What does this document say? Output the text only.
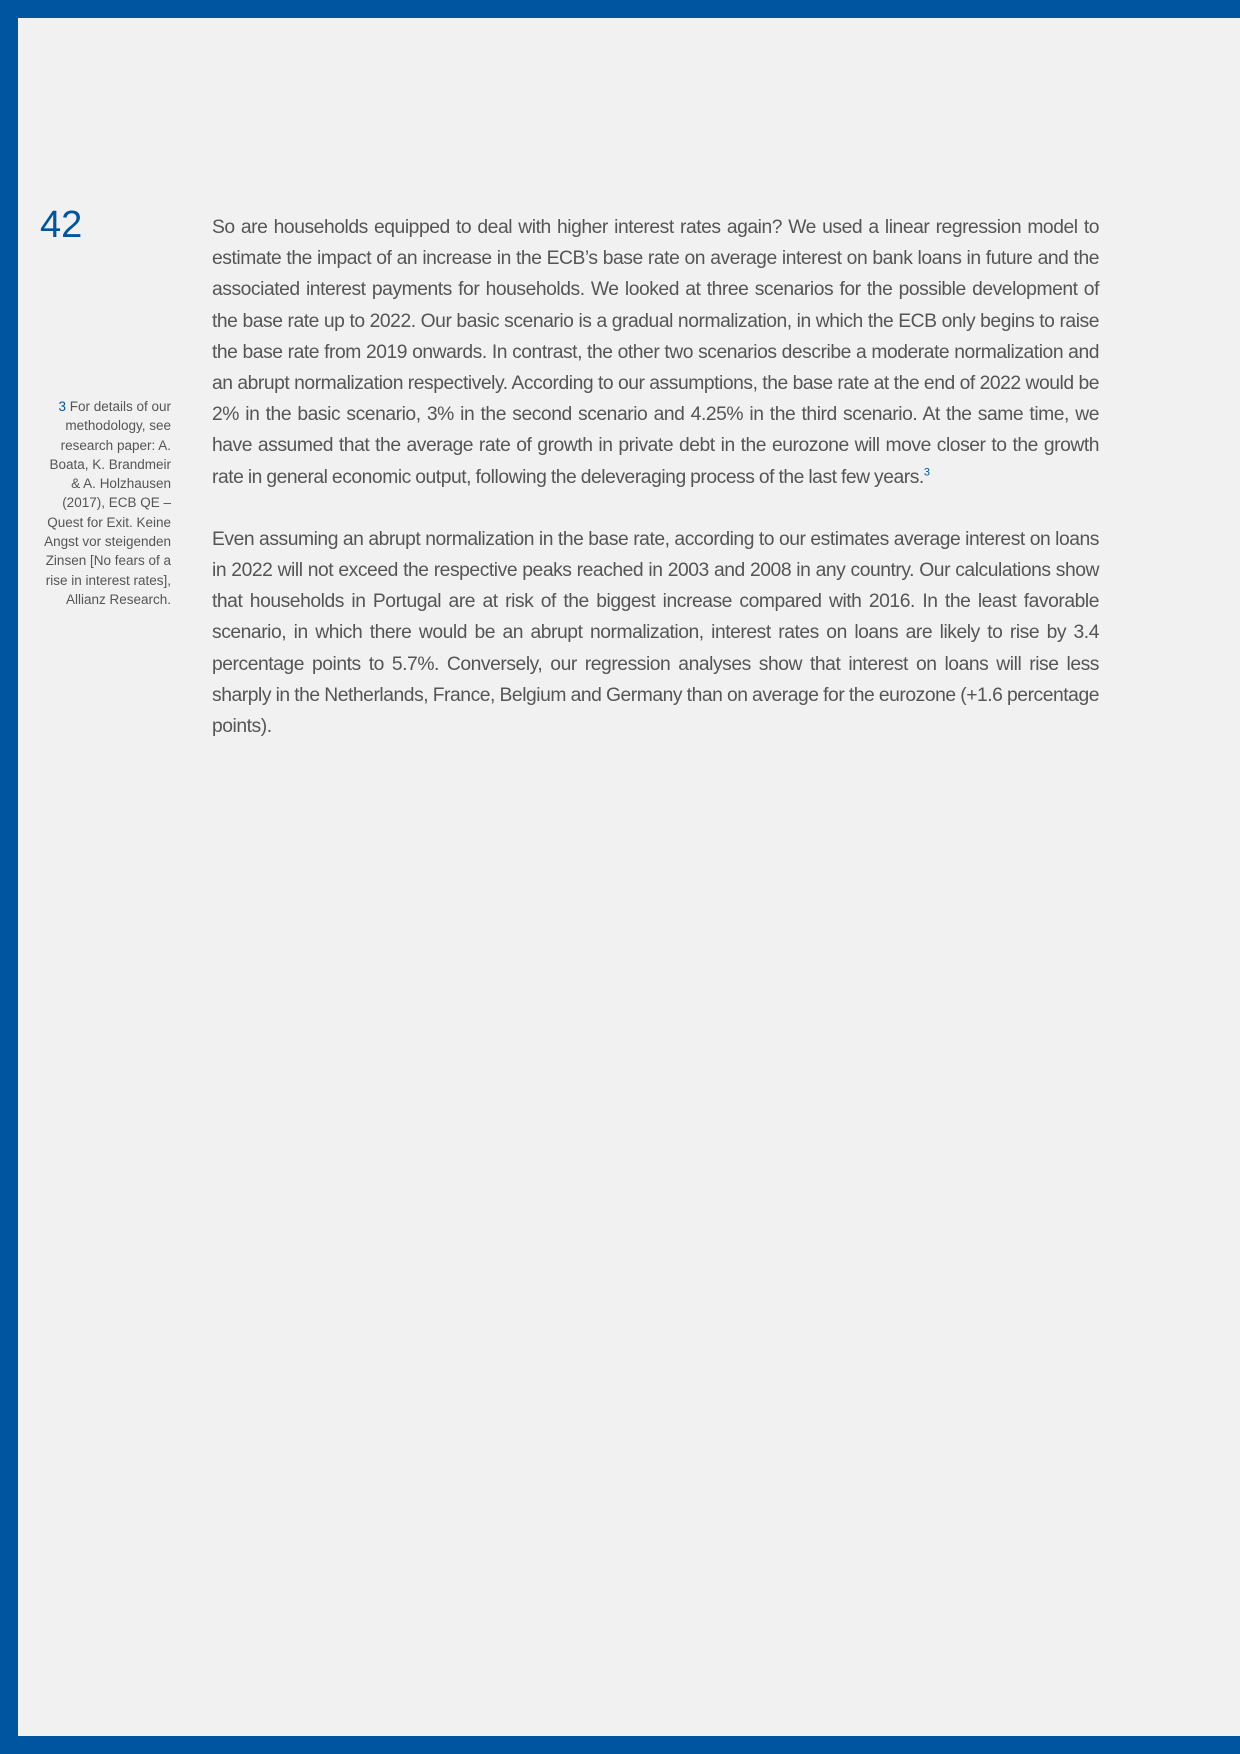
42
3 For details of our methodology, see research paper: A. Boata, K. Brandmeir & A. Holzhausen (2017), ECB QE – Quest for Exit. Keine Angst vor steigenden Zinsen [No fears of a rise in interest rates], Allianz Research.

So are households equipped to deal with higher interest rates again? We used a linear regression model to estimate the impact of an increase in the ECB’s base rate on average interest on bank loans in future and the associated interest payments for households. We looked at three scenarios for the possible development of the base rate up to 2022. Our basic scenario is a gradual normalization, in which the ECB only begins to raise the base rate from 2019 onwards. In contrast, the other two scenarios describe a moderate normalization and an abrupt normalization respectively. According to our assumptions, the base rate at the end of 2022 would be 2% in the basic scenario, 3% in the second scenario and 4.25% in the third scenario. At the same time, we have assumed that the average rate of growth in private debt in the eurozone will move closer to the growth rate in general economic output, following the deleveraging process of the last few years.$^3$

Even assuming an abrupt normalization in the base rate, according to our estimates average interest on loans in 2022 will not exceed the respective peaks reached in 2003 and 2008 in any country. Our calculations show that households in Portugal are at risk of the biggest increase compared with 2016. In the least favorable scenario, in which there would be an abrupt normalization, interest rates on loans are likely to rise by 3.4 percentage points to 5.7%. Conversely, our regression analyses show that interest on loans will rise less sharply in the Netherlands, France, Belgium and Germany than on average for the eurozone (+1.6 percentage points).
